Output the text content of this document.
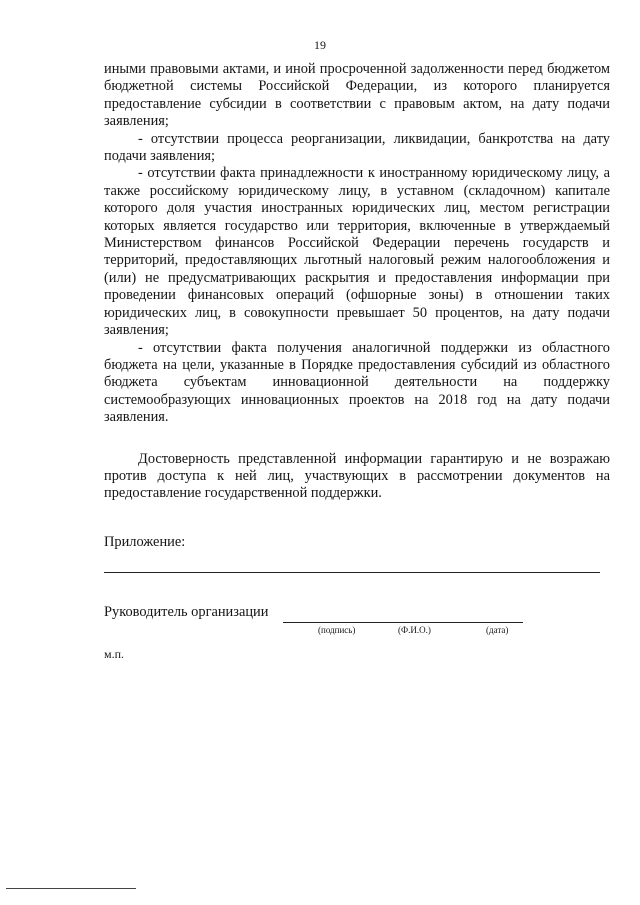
19

иными правовыми актами, и иной просроченной задолженности перед бюджетом бюджетной системы Российской Федерации, из которого планируется предоставление субсидии в соответствии с правовым актом, на дату подачи заявления;

- отсутствии процесса реорганизации, ликвидации, банкротства на дату подачи заявления;

- отсутствии факта принадлежности к иностранному юридическому лицу, а также российскому юридическому лицу, в уставном (складочном) капитале которого доля участия иностранных юридических лиц, местом регистрации которых является государство или территория, включенные в утверждаемый Министерством финансов Российской Федерации перечень государств и территорий, предоставляющих льготный налоговый режим налогообложения и (или) не предусматривающих раскрытия и предоставления информации при проведении финансовых операций (офшорные зоны) в отношении таких юридических лиц, в совокупности превышает 50 процентов, на дату подачи заявления;

- отсутствии факта получения аналогичной поддержки из областного бюджета на цели, указанные в Порядке предоставления субсидий из областного бюджета субъектам инновационной деятельности на поддержку системообразующих инновационных проектов на 2018 год на дату подачи заявления.

Достоверность представленной информации гарантирую и не возражаю против доступа к ней лиц, участвующих в рассмотрении документов на предоставление государственной поддержки.

Приложение:
Руководитель организации
(подпись)	(Ф.И.О.)	(дата)
м.п.
